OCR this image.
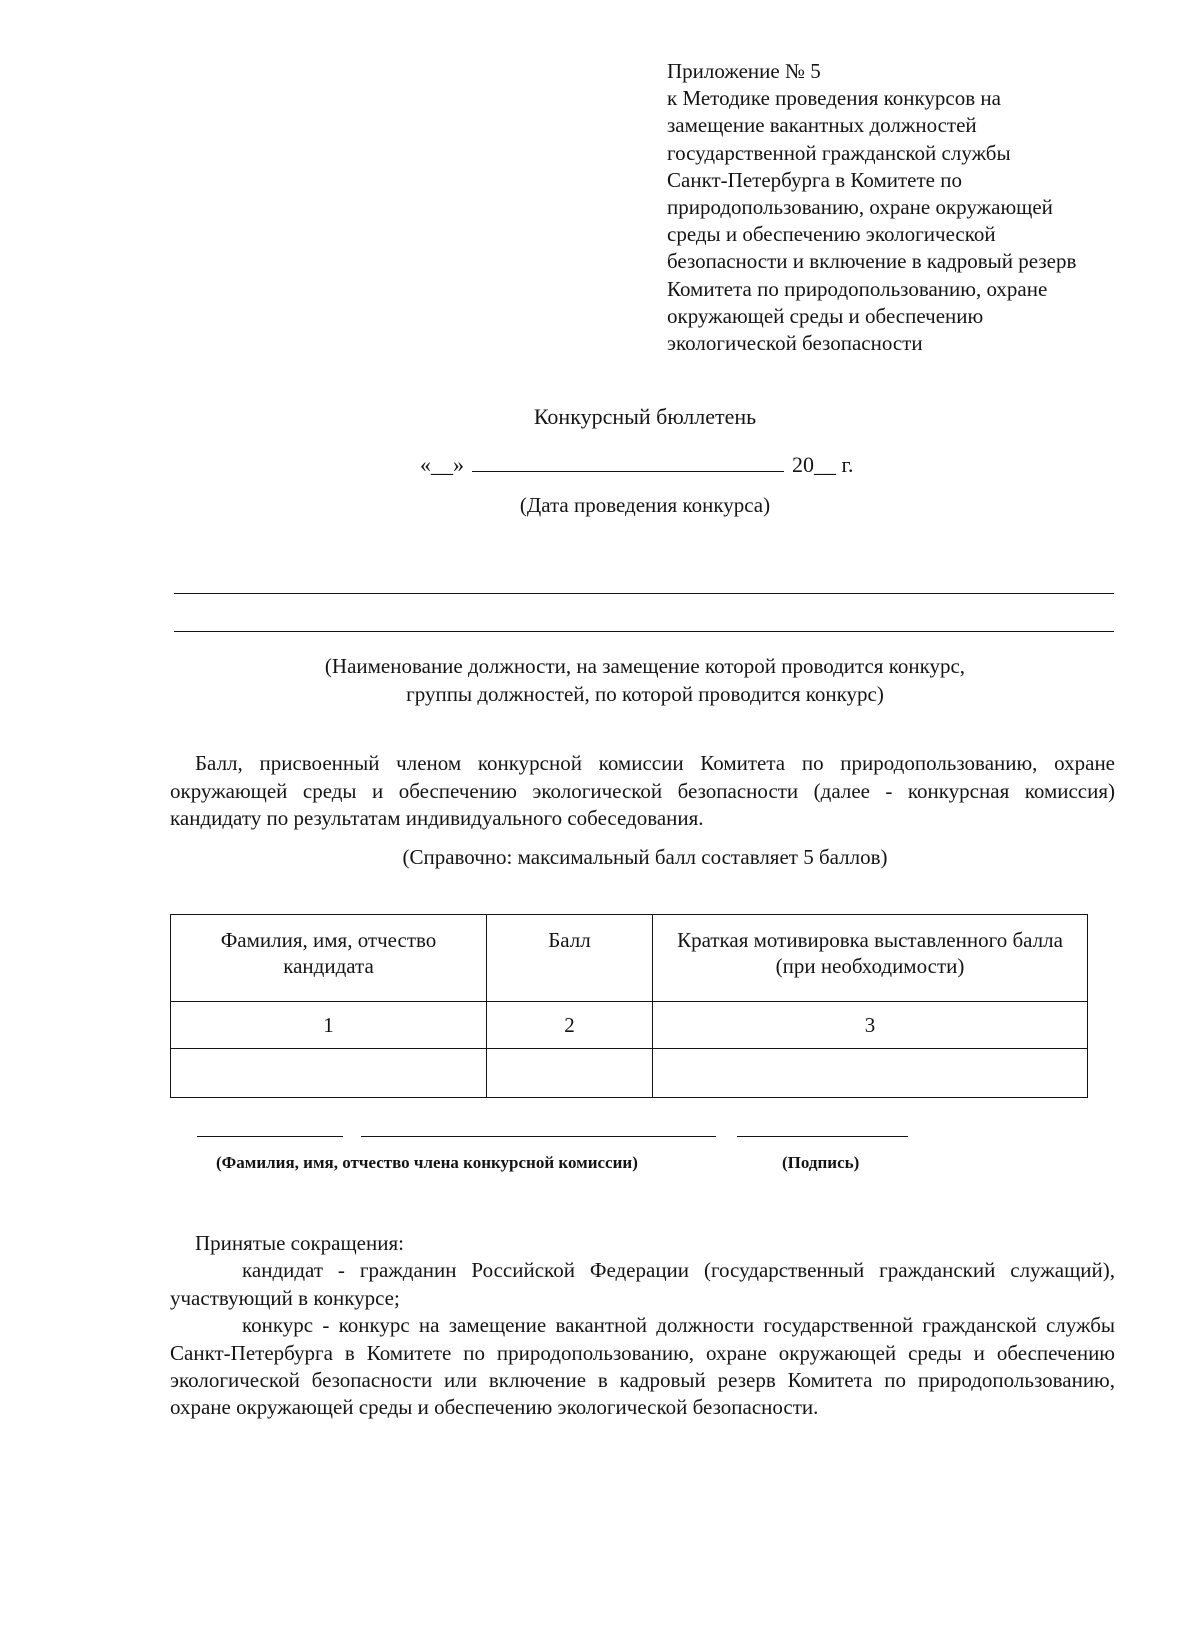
Приложение № 5
к Методике проведения конкурсов на
замещение вакантных должностей
государственной гражданской службы
Санкт-Петербурга в Комитете по
природопользованию, охране окружающей
среды и обеспечению экологической
безопасности и включение в кадровый резерв
Комитета по природопользованию, охране
окружающей среды и обеспечению
экологической безопасности
Конкурсный бюллетень
«__»	20__ г.
(Дата проведения конкурса)
(Наименование должности, на замещение которой проводится конкурс,
группы должностей, по которой проводится конкурс)
Балл, присвоенный членом конкурсной комиссии Комитета по природопользованию, охране окружающей среды и обеспечению экологической безопасности (далее - конкурсная комиссия) кандидату по результатам индивидуального собеседования.
(Справочно: максимальный балл составляет 5 баллов)
Фамилия, имя, отчество кандидата	Балл	Краткая мотивировка выставленного балла (при необходимости)
1	2	3

(Фамилия, имя, отчество члена конкурсной комиссии)	(Подпись)
Принятые сокращения:
кандидат - гражданин Российской Федерации (государственный гражданский служащий), участвующий в конкурсе;
конкурс - конкурс на замещение вакантной должности государственной гражданской службы Санкт-Петербурга в Комитете по природопользованию, охране окружающей среды и обеспечению экологической безопасности или включение в кадровый резерв Комитета по природопользованию, охране окружающей среды и обеспечению экологической безопасности.
